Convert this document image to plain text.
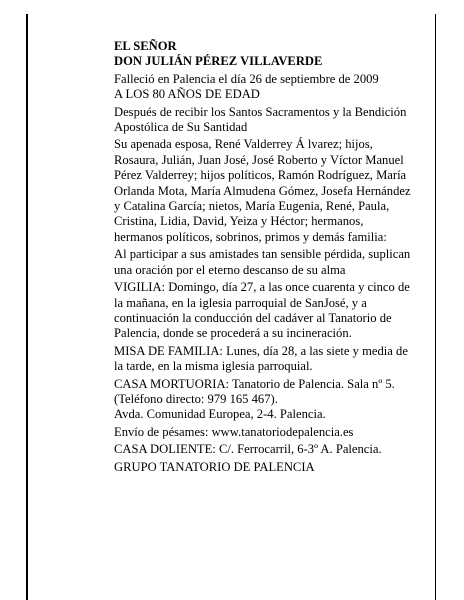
EL SEÑOR

DON JULIÁN PÉREZ VILLAVERDE

Falleció en Palencia el día 26 de septiembre de 2009

A LOS 80 AÑOS DE EDAD

Después de recibir los Santos Sacramentos y la Bendición Apostólica de Su Santidad

Su apenada esposa, René Valderrey Á lvarez; hijos, Rosaura, Julián, Juan José, José Roberto y Víctor Manuel Pérez Valderrey; hijos políticos, Ramón Rodríguez, María Orlanda Mota, María Almudena Gómez, Josefa Hernández y Catalina García; nietos, María Eugenia, René, Paula, Cristina, Lidia, David, Yeiza y Héctor; hermanos, hermanos políticos, sobrinos, primos y demás familia:

Al participar a sus amistades tan sensible pérdida, suplican una oración por el eterno descanso de su alma

VIGILIA: Domingo, día 27, a las once cuarenta y cinco de la mañana, en la iglesia parroquial de SanJosé, y a continuación la conducción del cadáver al Tanatorio de Palencia, donde se procederá a su incineración.

MISA DE FAMILIA: Lunes, día 28, a las siete y media de la tarde, en la misma iglesia parroquial.

CASA MORTUORIA: Tanatorio de Palencia. Sala nº 5. (Teléfono directo: 979 165 467).

Avda. Comunidad Europea, 2-4. Palencia.

Envío de pésames: www.tanatoriodepalencia.es

CASA DOLIENTE: C/. Ferrocarril, 6-3º A. Palencia.

GRUPO TANATORIO DE PALENCIA
